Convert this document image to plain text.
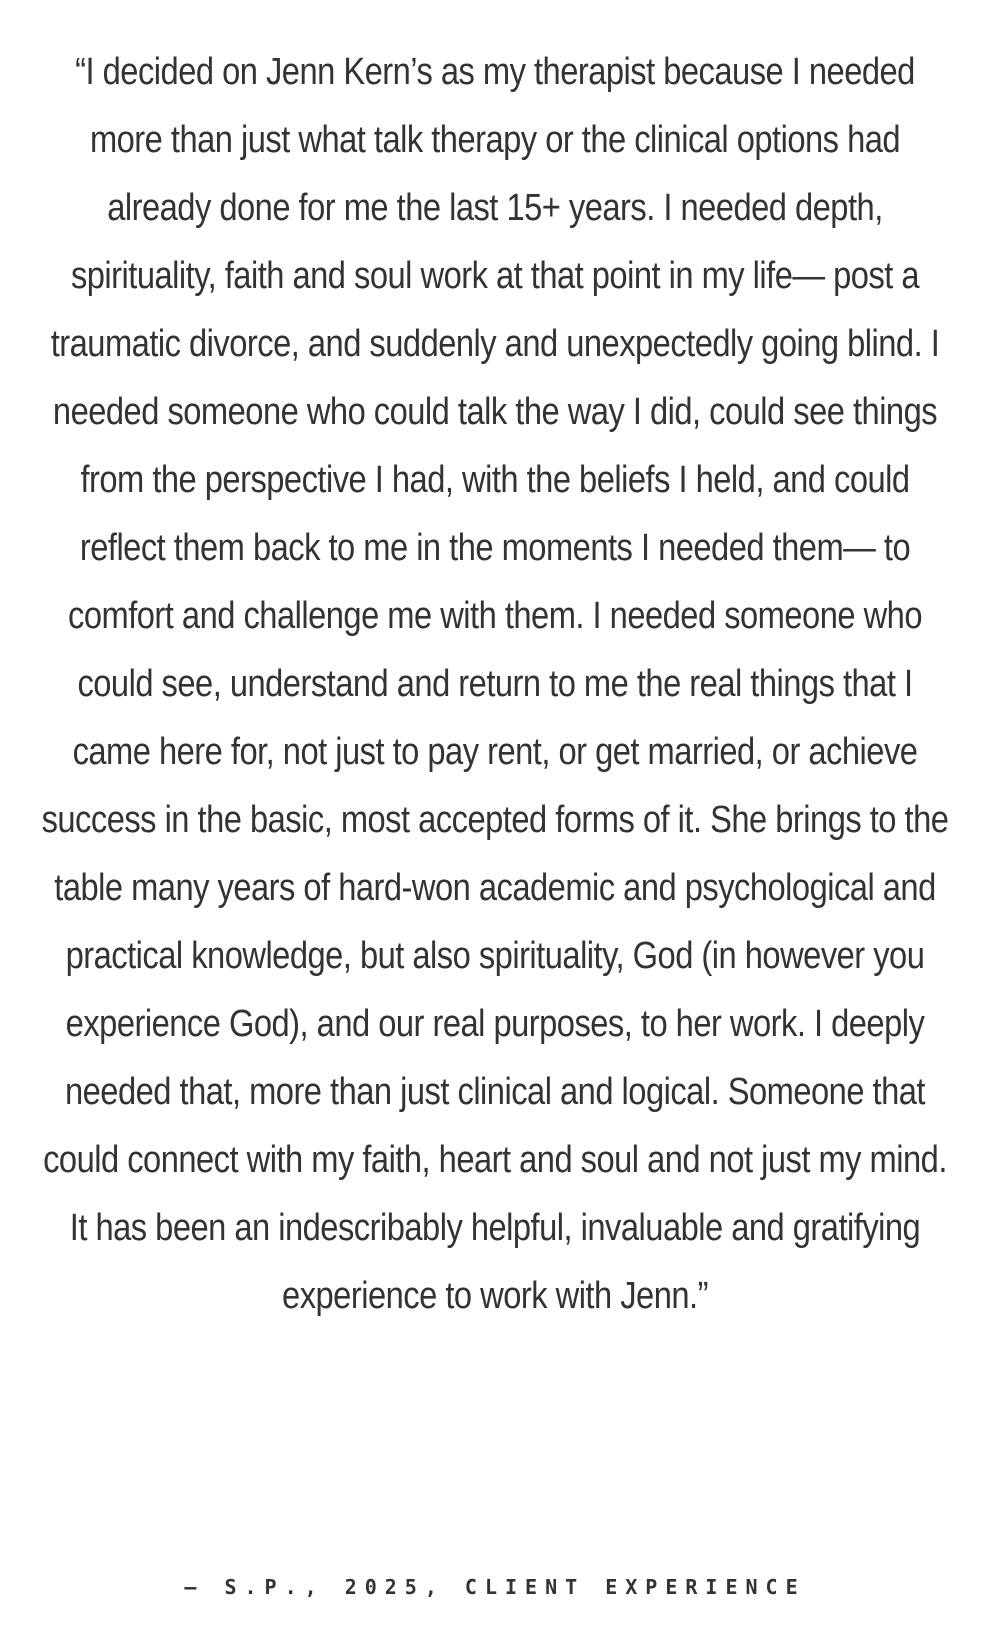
“I decided on Jenn Kern’s as my therapist because I needed more than just what talk therapy or the clinical options had already done for me the last 15+ years. I needed depth, spirituality, faith and soul work at that point in my life— post a traumatic divorce, and suddenly and unexpectedly going blind. I needed someone who could talk the way I did, could see things from the perspective I had, with the beliefs I held, and could reflect them back to me in the moments I needed them— to comfort and challenge me with them. I needed someone who could see, understand and return to me the real things that I came here for, not just to pay rent, or get married, or achieve success in the basic, most accepted forms of it. She brings to the table many years of hard-won academic and psychological and practical knowledge, but also spirituality, God (in however you experience God), and our real purposes, to her work. I deeply needed that, more than just clinical and logical. Someone that could connect with my faith, heart and soul and not just my mind. It has been an indescribably helpful, invaluable and gratifying experience to work with Jenn.”

— S.P., 2025, CLIENT EXPERIENCE
